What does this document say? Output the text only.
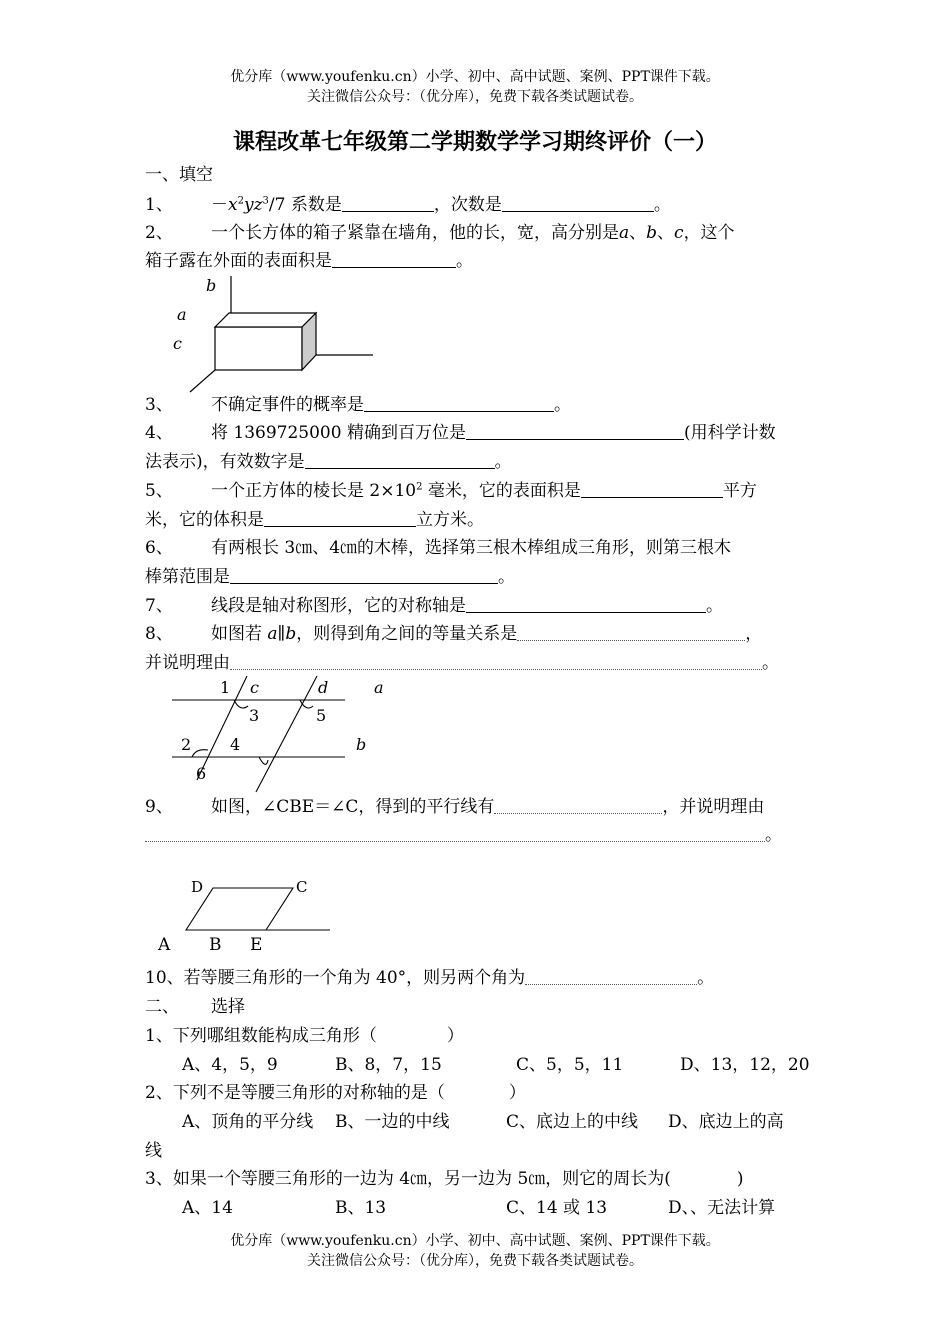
优分库（www.youfenku.cn）小学、初中、高中试题、案例、PPT课件下载。
关注微信公众号：（优分库），免费下载各类试题试卷。
课程改革七年级第二学期数学学习期终评价（一）
一、填空
1、 $-x^2yz^3/7$ 系数是	，次数是	。
2、 一个长方体的箱子紧靠在墙角，他的长，宽，高分别是a、b、c，这个
箱子露在外面的表面积是	。
b
a
c
3、 不确定事件的概率是	。
4、 将 1369725000 精确到百万位是	(用科学计数
法表示)，有效数字是	。
5、 一个正方体的棱长是 $2\times 10^2$ 毫米，它的表面积是	平方
米，它的体积是	立方米。
6、 有两根长 3㎝、4㎝的木棒，选择第三根木棒组成三角形，则第三根木
棒第范围是	。
7、 线段是轴对称图形，它的对称轴是	。
8、 如图若 a∥b，则得到角之间的等量关系是	，
并说明理由	。
1 c	d	a
3	5
2 4	b
6
9、 如图，∠CBE＝∠C，得到的平行线有	，并说明理由
。
D	C
A B E
10、若等腰三角形的一个角为 40°，则另两个角为	。
二、 选择
1、下列哪组数能构成三角形（	）
A、4，5，9	B、8，7，15	C、5，5，11	D、13，12，20
2、下列不是等腰三角形的对称轴的是（	）
A、顶角的平分线 B、一边的中线	C、底边上的中线 D、底边上的高
线
3、如果一个等腰三角形的一边为 4㎝，另一边为 5㎝，则它的周长为(	)
A、14	B、13	C、14 或 13	D、、无法计算
优分库（www.youfenku.cn）小学、初中、高中试题、案例、PPT课件下载。
关注微信公众号：（优分库），免费下载各类试题试卷。
